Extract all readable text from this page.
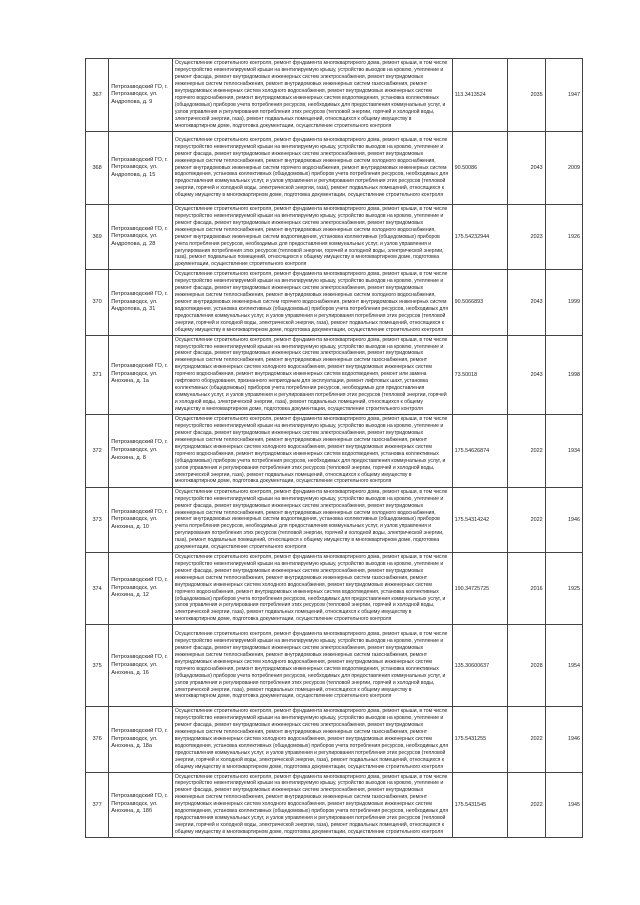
367	Петрозаводский ГО, г. Петрозаводск, ул. Андропова, д. 9	Осуществление строительного контроля, ремонт фундамента многоквартирного дома, ремонт крыши, в том числе переустройство невентилируемой крыши на вентилируемую крышу, устройство выходов на кровлю, утепление и ремонт фасада, ремонт внутридомовых инженерных систем электроснабжения, ремонт внутридомовых инженерных систем теплоснабжения, ремонт внутридомовых инженерных систем газоснабжения, ремонт внутридомовых инженерных систем холодного водоснабжения, ремонт внутридомовых инженерных систем горячего водоснабжения, ремонт внутридомовых инженерных систем водоотведения, установка коллективных (общедомовых) приборов учета потребления ресурсов, необходимых для предоставления коммунальных услуг, и узлов управления и регулирования потребления этих ресурсов (тепловой энергии, горячей и холодной воды, электрической энергии, газа), ремонт подвальных помещений, относящихся к общему имуществу в многоквартирном доме, подготовка документации, осуществление строительного контроля	113.3413524	2035	1947
368	Петрозаводский ГО, г. Петрозаводск, ул. Андропова, д. 15	Осуществление строительного контроля, ремонт фундамента многоквартирного дома, ремонт крыши, в том числе переустройство невентилируемой крыши на вентилируемую крышу, устройство выходов на кровлю, утепление и ремонт фасада, ремонт внутридомовых инженерных систем электроснабжения, ремонт внутридомовых инженерных систем теплоснабжения, ремонт внутридомовых инженерных систем холодного водоснабжения, ремонт внутридомовых инженерных систем горячего водоснабжения, ремонт внутридомовых инженерных систем водоотведения, установка коллективных (общедомовых) приборов учета потребления ресурсов, необходимых для предоставления коммунальных услуг, и узлов управления и регулирования потребления этих ресурсов (тепловой энергии, горячей и холодной воды, электрической энергии, газа), ремонт подвальных помещений, относящихся к общему имуществу в многоквартирном доме, подготовка документации, осуществление строительного контроля	90.50086	2043	2009
369	Петрозаводский ГО, г. Петрозаводск, ул. Андропова, д. 28	Осуществление строительного контроля, ремонт фундамента многоквартирного дома, ремонт крыши, в том числе переустройство невентилируемой крыши на вентилируемую крышу, устройство выходов на кровлю, утепление и ремонт фасада, ремонт внутридомовых инженерных систем электроснабжения, ремонт внутридомовых инженерных систем теплоснабжения, ремонт внутридомовых инженерных систем холодного водоснабжения, ремонт внутридомовых инженерных систем водоотведения, установка коллективных (общедомовых) приборов учета потребления ресурсов, необходимых для предоставления коммунальных услуг, и узлов управления и регулирования потребления этих ресурсов (тепловой энергии, горячей и холодной воды, электрической энергии, газа), ремонт подвальных помещений, относящихся к общему имуществу в многоквартирном доме, подготовка документации, осуществление строительного контроля	175.54232944	2023	1926
370	Петрозаводский ГО, г. Петрозаводск, ул. Андропова, д. 31	Осуществление строительного контроля, ремонт фундамента многоквартирного дома, ремонт крыши, в том числе переустройство невентилируемой крыши на вентилируемую крышу, устройство выходов на кровлю, утепление и ремонт фасада, ремонт внутридомовых инженерных систем электроснабжения, ремонт внутридомовых инженерных систем теплоснабжения, ремонт внутридомовых инженерных систем холодного водоснабжения, ремонт внутридомовых инженерных систем горячего водоснабжения, ремонт внутридомовых инженерных систем водоотведения, установка коллективных (общедомовых) приборов учета потребления ресурсов, необходимых для предоставления коммунальных услуг, и узлов управления и регулирования потребления этих ресурсов (тепловой энергии, горячей и холодной воды, электрической энергии, газа), ремонт подвальных помещений, относящихся к общему имуществу в многоквартирном доме, подготовка документации, осуществление строительного контроля	90.5066893	2043	1999
371	Петрозаводский ГО, г. Петрозаводск, ул. Анохина, д. 1а	Осуществление строительного контроля, ремонт фундамента многоквартирного дома, ремонт крыши, в том числе переустройство невентилируемой крыши на вентилируемую крышу, устройство выходов на кровлю, утепление и ремонт фасада, ремонт внутридомовых инженерных систем электроснабжения, ремонт внутридомовых инженерных систем теплоснабжения, ремонт внутридомовых инженерных систем газоснабжения, ремонт внутридомовых инженерных систем холодного водоснабжения, ремонт внутридомовых инженерных систем горячего водоснабжения, ремонт внутридомовых инженерных систем водоотведения, ремонт или замена лифтового оборудования, признанного непригодным для эксплуатации, ремонт лифтовых шахт, установка коллективных (общедомовых) приборов учета потребления ресурсов, необходимых для предоставления коммунальных услуг, и узлов управления и регулирования потребления этих ресурсов (тепловой энергии, горячей и холодной воды, электрической энергии, газа), ремонт подвальных помещений, относящихся к общему имуществу в многоквартирном доме, подготовка документации, осуществление строительного контроля	73.50018	2043	1998
372	Петрозаводский ГО, г. Петрозаводск, ул. Анохина, д. 8	Осуществление строительного контроля, ремонт фундамента многоквартирного дома, ремонт крыши, в том числе переустройство невентилируемой крыши на вентилируемую крышу, устройство выходов на кровлю, утепление и ремонт фасада, ремонт внутридомовых инженерных систем электроснабжения, ремонт внутридомовых инженерных систем теплоснабжения, ремонт внутридомовых инженерных систем газоснабжения, ремонт внутридомовых инженерных систем холодного водоснабжения, ремонт внутридомовых инженерных систем горячего водоснабжения, ремонт внутридомовых инженерных систем водоотведения, установка коллективных (общедомовых) приборов учета потребления ресурсов, необходимых для предоставления коммунальных услуг, и узлов управления и регулирования потребления этих ресурсов (тепловой энергии, горячей и холодной воды, электрической энергии, газа), ремонт подвальных помещений, относящихся к общему имуществу в многоквартирном доме, подготовка документации, осуществление строительного контроля	175.54626874	2022	1934
373	Петрозаводский ГО, г. Петрозаводск, ул. Анохина, д. 10	Осуществление строительного контроля, ремонт фундамента многоквартирного дома, ремонт крыши, в том числе переустройство невентилируемой крыши на вентилируемую крышу, устройство выходов на кровлю, утепление и ремонт фасада, ремонт внутридомовых инженерных систем электроснабжения, ремонт внутридомовых инженерных систем теплоснабжения, ремонт внутридомовых инженерных систем холодного водоснабжения, ремонт внутридомовых инженерных систем водоотведения, установка коллективных (общедомовых) приборов учета потребления ресурсов, необходимых для предоставления коммунальных услуг, и узлов управления и регулирования потребления этих ресурсов (тепловой энергии, горячей и холодной воды, электрической энергии, газа), ремонт подвальных помещений, относящихся к общему имуществу в многоквартирном доме, подготовка документации, осуществление строительного контроля	175.54314242	2022	1946
374	Петрозаводский ГО, г. Петрозаводск, ул. Анохина, д. 12	Осуществление строительного контроля, ремонт фундамента многоквартирного дома, ремонт крыши, в том числе переустройство невентилируемой крыши на вентилируемую крышу, устройство выходов на кровлю, утепление и ремонт фасада, ремонт внутридомовых инженерных систем электроснабжения, ремонт внутридомовых инженерных систем теплоснабжения, ремонт внутридомовых инженерных систем газоснабжения, ремонт внутридомовых инженерных систем холодного водоснабжения, ремонт внутридомовых инженерных систем горячего водоснабжения, ремонт внутридомовых инженерных систем водоотведения, установка коллективных (общедомовых) приборов учета потребления ресурсов, необходимых для предоставления коммунальных услуг, и узлов управления и регулирования потребления этих ресурсов (тепловой энергии, горячей и холодной воды, электрической энергии, газа), ремонт подвальных помещений, относящихся к общему имуществу в многоквартирном доме, подготовка документации, осуществление строительного контроля	190.34725725	2016	1925
375	Петрозаводский ГО, г. Петрозаводск, ул. Анохина, д. 16	Осуществление строительного контроля, ремонт фундамента многоквартирного дома, ремонт крыши, в том числе переустройство невентилируемой крыши на вентилируемую крышу, устройство выходов на кровлю, утепление и ремонт фасада, ремонт внутридомовых инженерных систем электроснабжения, ремонт внутридомовых инженерных систем теплоснабжения, ремонт внутридомовых инженерных систем газоснабжения, ремонт внутридомовых инженерных систем холодного водоснабжения, ремонт внутридомовых инженерных систем горячего водоснабжения, ремонт внутридомовых инженерных систем водоотведения, установка коллективных (общедомовых) приборов учета потребления ресурсов, необходимых для предоставления коммунальных услуг, и узлов управления и регулирования потребления этих ресурсов (тепловой энергии, горячей и холодной воды, электрической энергии, газа), ремонт подвальных помещений, относящихся к общему имуществу в многоквартирном доме, подготовка документации, осуществление строительного контроля	135.30600637	2028	1954
376	Петрозаводский ГО, г. Петрозаводск, ул. Анохина, д. 18а	Осуществление строительного контроля, ремонт фундамента многоквартирного дома, ремонт крыши, в том числе переустройство невентилируемой крыши на вентилируемую крышу, устройство выходов на кровлю, утепление и ремонт фасада, ремонт внутридомовых инженерных систем электроснабжения, ремонт внутридомовых инженерных систем теплоснабжения, ремонт внутридомовых инженерных систем газоснабжения, ремонт внутридомовых инженерных систем холодного водоснабжения, ремонт внутридомовых инженерных систем водоотведения, установка коллективных (общедомовых) приборов учета потребления ресурсов, необходимых для предоставления коммунальных услуг, и узлов управления и регулирования потребления этих ресурсов (тепловой энергии, горячей и холодной воды, электрической энергии, газа), ремонт подвальных помещений, относящихся к общему имуществу в многоквартирном доме, подготовка документации, осуществление строительного контроля	175.5431255	2022	1946
377	Петрозаводский ГО, г. Петрозаводск, ул. Анохина, д. 18б	Осуществление строительного контроля, ремонт фундамента многоквартирного дома, ремонт крыши, в том числе переустройство невентилируемой крыши на вентилируемую крышу, устройство выходов на кровлю, утепление и ремонт фасада, ремонт внутридомовых инженерных систем электроснабжения, ремонт внутридомовых инженерных систем теплоснабжения, ремонт внутридомовых инженерных систем газоснабжения, ремонт внутридомовых инженерных систем холодного водоснабжения, ремонт внутридомовых инженерных систем водоотведения, установка коллективных (общедомовых) приборов учета потребления ресурсов, необходимых для предоставления коммунальных услуг, и узлов управления и регулирования потребления этих ресурсов (тепловой энергии, горячей и холодной воды, электрической энергии, газа), ремонт подвальных помещений, относящихся к общему имуществу в многоквартирном доме, подготовка документации, осуществление строительного контроля	175.5431545	2022	1945
